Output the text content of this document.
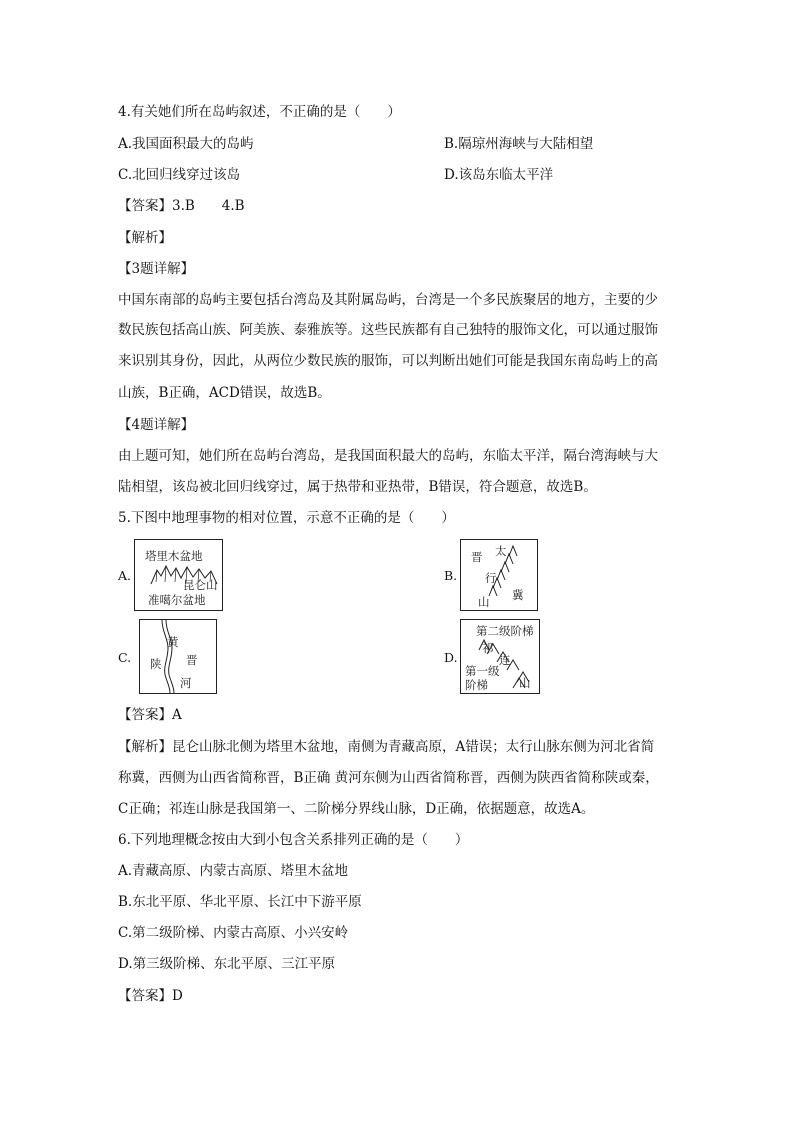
4.有关她们所在岛屿叙述，不正确的是（　　）
A.我国面积最大的岛屿	B.隔琼州海峡与大陆相望
C.北回归线穿过该岛	D.该岛东临太平洋
【答案】3.B　　4.B
【解析】
【3题详解】
中国东南部的岛屿主要包括台湾岛及其附属岛屿，台湾是一个多民族聚居的地方，主要的少
数民族包括高山族、阿美族、泰雅族等。这些民族都有自己独特的服饰文化，可以通过服饰
来识别其身份，因此，从两位少数民族的服饰，可以判断出她们可能是我国东南岛屿上的高
山族，B正确，ACD错误，故选B。
【4题详解】
由上题可知，她们所在岛屿台湾岛，是我国面积最大的岛屿，东临太平洋，隔台湾海峡与大
陆相望，该岛被北回归线穿过，属于热带和亚热带，B错误，符合题意，故选B。
5.下图中地理事物的相对位置，示意不正确的是（　　）
A.
塔里木盆地
昆仑山
准噶尔盆地
B.
晋 太
行
山 冀
C.
黄
陕 晋
河
D.
第二级阶梯
祁
连
山
第一级
阶梯
【答案】A
【解析】昆仑山脉北侧为塔里木盆地，南侧为青藏高原，A错误；太行山脉东侧为河北省简
称冀，西侧为山西省简称晋，B正确 黄河东侧为山西省简称晋，西侧为陕西省简称陕或秦，
C正确；祁连山脉是我国第一、二阶梯分界线山脉，D正确，依据题意，故选A。
6.下列地理概念按由大到小包含关系排列正确的是（　　）
A.青藏高原、内蒙古高原、塔里木盆地
B.东北平原、华北平原、长江中下游平原
C.第二级阶梯、内蒙古高原、小兴安岭
D.第三级阶梯、东北平原、三江平原
【答案】D
